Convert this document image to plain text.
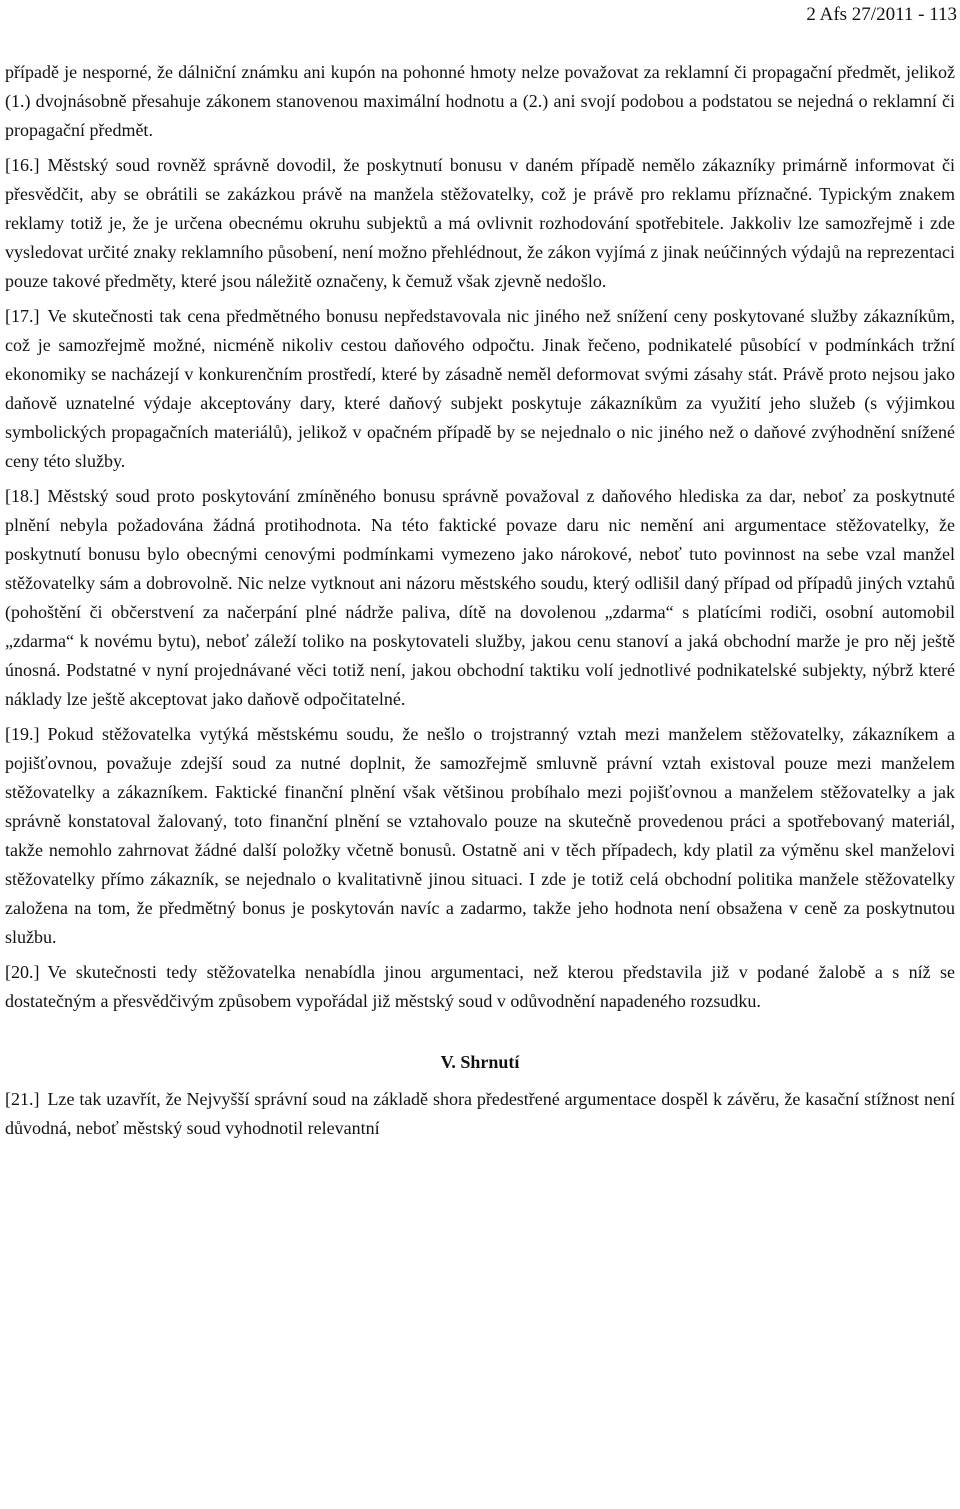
2 Afs 27/2011 - 113

případě je nesporné, že dálniční známku ani kupón na pohonné hmoty nelze považovat za reklamní či propagační předmět, jelikož (1.) dvojnásobně přesahuje zákonem stanovenou maximální hodnotu a (2.) ani svojí podobou a podstatou se nejedná o reklamní či propagační předmět.

[16.] Městský soud rovněž správně dovodil, že poskytnutí bonusu v daném případě nemělo zákazníky primárně informovat či přesvědčit, aby se obrátili se zakázkou právě na manžela stěžovatelky, což je právě pro reklamu příznačné. Typickým znakem reklamy totiž je, že je určena obecnému okruhu subjektů a má ovlivnit rozhodování spotřebitele. Jakkoliv lze samozřejmě i zde vysledovat určité znaky reklamního působení, není možno přehlédnout, že zákon vyjímá z jinak neúčinných výdajů na reprezentaci pouze takové předměty, které jsou náležitě označeny, k čemuž však zjevně nedošlo.

[17.] Ve skutečnosti tak cena předmětného bonusu nepředstavovala nic jiného než snížení ceny poskytované služby zákazníkům, což je samozřejmě možné, nicméně nikoliv cestou daňového odpočtu. Jinak řečeno, podnikatelé působící v podmínkách tržní ekonomiky se nacházejí v konkurenčním prostředí, které by zásadně neměl deformovat svými zásahy stát. Právě proto nejsou jako daňově uznatelné výdaje akceptovány dary, které daňový subjekt poskytuje zákazníkům za využití jeho služeb (s výjimkou symbolických propagačních materiálů), jelikož v opačném případě by se nejednalo o nic jiného než o daňové zvýhodnění snížené ceny této služby.

[18.] Městský soud proto poskytování zmíněného bonusu správně považoval z daňového hlediska za dar, neboť za poskytnuté plnění nebyla požadována žádná protihodnota. Na této faktické povaze daru nic nemění ani argumentace stěžovatelky, že poskytnutí bonusu bylo obecnými cenovými podmínkami vymezeno jako nárokové, neboť tuto povinnost na sebe vzal manžel stěžovatelky sám a dobrovolně. Nic nelze vytknout ani názoru městského soudu, který odlišil daný případ od případů jiných vztahů (pohoštění či občerstvení za načerpání plné nádrže paliva, dítě na dovolenou „zdarma“ s platícími rodiči, osobní automobil „zdarma“ k novému bytu), neboť záleží toliko na poskytovateli služby, jakou cenu stanoví a jaká obchodní marže je pro něj ještě únosná. Podstatné v nyní projednávané věci totiž není, jakou obchodní taktiku volí jednotlivé podnikatelské subjekty, nýbrž které náklady lze ještě akceptovat jako daňově odpočitatelné.

[19.] Pokud stěžovatelka vytýká městskému soudu, že nešlo o trojstranný vztah mezi manželem stěžovatelky, zákazníkem a pojišťovnou, považuje zdejší soud za nutné doplnit, že samozřejmě smluvně právní vztah existoval pouze mezi manželem stěžovatelky a zákazníkem. Faktické finanční plnění však většinou probíhalo mezi pojišťovnou a manželem stěžovatelky a jak správně konstatoval žalovaný, toto finanční plnění se vztahovalo pouze na skutečně provedenou práci a spotřebovaný materiál, takže nemohlo zahrnovat žádné další položky včetně bonusů. Ostatně ani v těch případech, kdy platil za výměnu skel manželovi stěžovatelky přímo zákazník, se nejednalo o kvalitativně jinou situaci. I zde je totiž celá obchodní politika manžele stěžovatelky založena na tom, že předmětný bonus je poskytován navíc a zadarmo, takže jeho hodnota není obsažena v ceně za poskytnutou službu.

[20.] Ve skutečnosti tedy stěžovatelka nenabídla jinou argumentaci, než kterou představila již v podané žalobě a s níž se dostatečným a přesvědčivým způsobem vypořádal již městský soud v odůvodnění napadeného rozsudku.

V. Shrnutí

[21.] Lze tak uzavřít, že Nejvyšší správní soud na základě shora předestřené argumentace dospěl k závěru, že kasační stížnost není důvodná, neboť městský soud vyhodnotil relevantní
